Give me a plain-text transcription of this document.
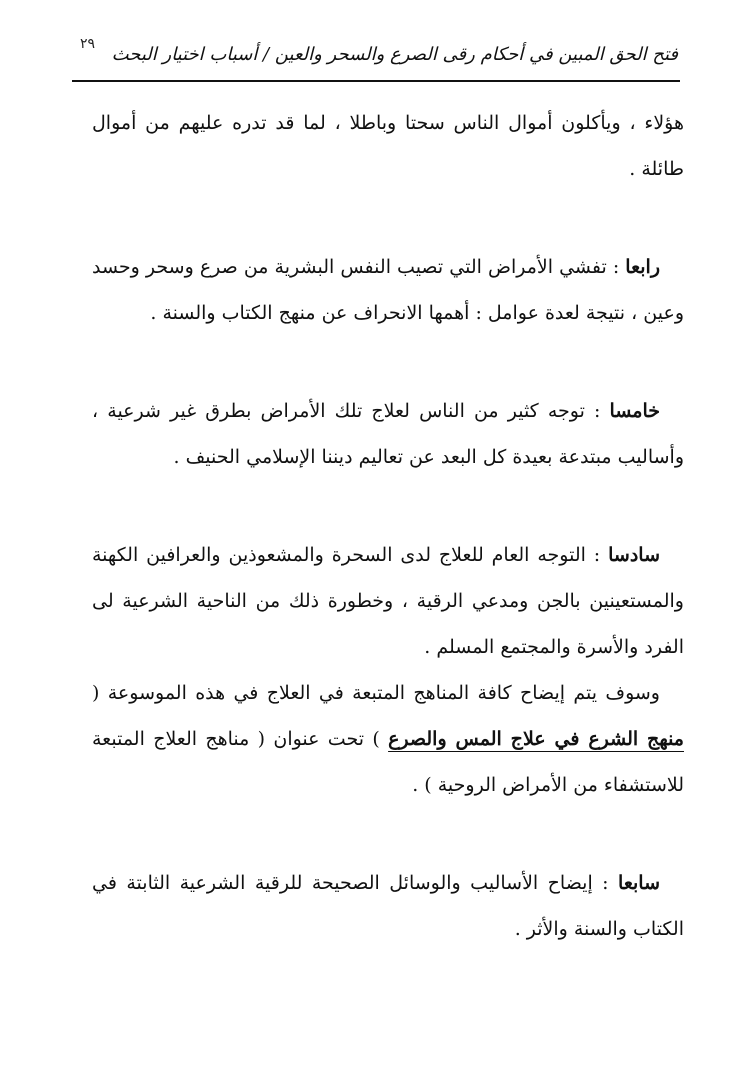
٢٩ فتح الحق المبين في أحكام رقى الصرع والسحر والعين / أسباب اختيار البحث

هؤلاء ، ويأكلون أموال الناس سحتا وباطلا ، لما قد تدره عليهم من أموال طائلة .

رابعا : تفشي الأمراض التي تصيب النفس البشرية من صرع وسحر وحسد وعين ، نتيجة لعدة عوامل : أهمها الانحراف عن منهج الكتاب والسنة .

خامسا : توجه كثير من الناس لعلاج تلك الأمراض بطرق غير شرعية ، وأساليب مبتدعة بعيدة كل البعد عن تعاليم ديننا الإسلامي الحنيف .

سادسا : التوجه العام للعلاج لدى السحرة والمشعوذين والعرافين الكهنة والمستعينين بالجن ومدعي الرقية ، وخطورة ذلك من الناحية الشرعية لى الفرد والأسرة والمجتمع المسلم .

وسوف يتم إيضاح كافة المناهج المتبعة في العلاج في هذه الموسوعة ( منهج الشرع في علاج المس والصرع ) تحت عنوان ( مناهج العلاج المتبعة للاستشفاء من الأمراض الروحية ) .

سابعا : إيضاح الأساليب والوسائل الصحيحة للرقية الشرعية الثابتة في الكتاب والسنة والأثر .
